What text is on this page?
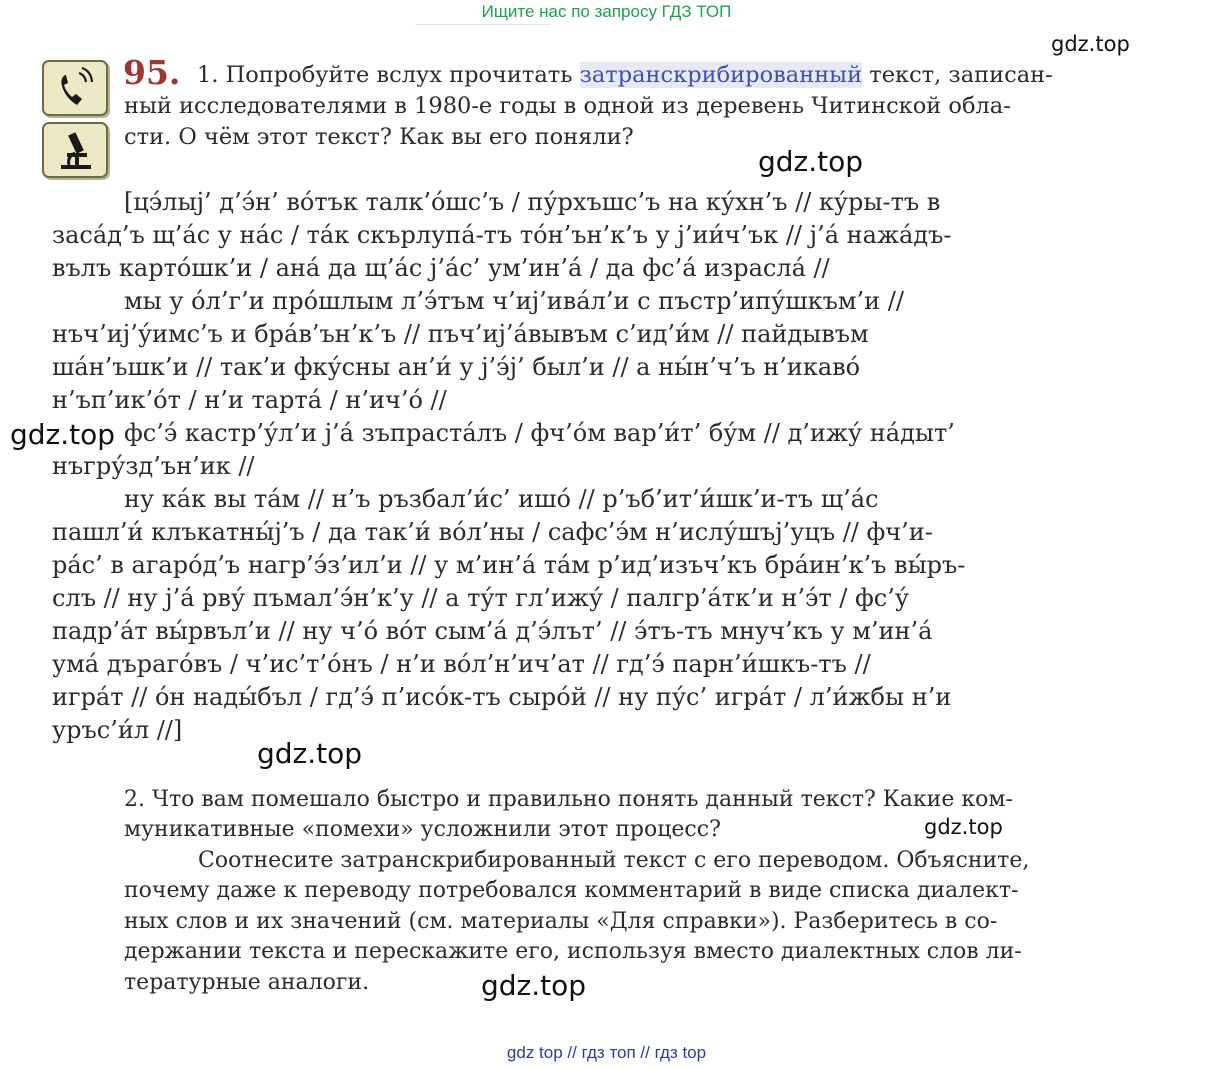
Ищите нас по запросу ГДЗ ТОП
95. 1. Попробуйте вслух прочитать затранскрибированный текст, записан-
ный исследователями в 1980-е годы в одной из деревень Читинской обла-
сти. О чём этот текст? Как вы его поняли?
[цэ́лыj’ д’э́н’ во́тък талк’о́шс’ъ / пу́рхъшс’ъ на ку́хн’ъ // ку́ры-тъ в
заса́д’ъ щ’а́с у на́с / та́к скърлупа́-тъ то́н’ън’к’ъ у j’ии́ч’ък // j’а́ нажа́дъ-
вълъ карто́шк’и / ана́ да щ’а́с j’а́с’ ум’ин’а́ / да фс’а́ израсла́ //
мы у о́л’г’и про́шлым л’э́тъм ч’иj’ива́л’и с пъстр’ипу́шкъм’и //
нъч’иj’у́имс’ъ и бра́в’ън’к’ъ // пъч’иj’а́вывъм с’ид’и́м // пайдывъм
ша́н’ъшк’и // так’и фку́сны ан’и́ у j’э́j’ был’и // а ны́н’ч’ъ н’икаво́
н’ъп’ик’о́т / н’и тарта́ / н’ич’о́ //
фс’э́ кастр’у́л’и j’а́ зъпраста́лъ / фч’о́м вар’и́т’ бу́м // д’ижу́ на́дыт’
нъгру́зд’ън’ик //
ну ка́к вы та́м // н’ъ ръзбал’и́с’ ишо́ // р’ъб’ит’и́шк’и-тъ щ’а́с
пашл’и́ клъкатны́j’ъ / да так’и́ во́л’ны / сафс’э́м н’ислу́шъj’уцъ // фч’и-
ра́с’ в агаро́д’ъ нагр’э́з’ил’и // у м’ин’а́ та́м р’ид’изъч’къ бра́ин’к’ъ вы́ръ-
слъ // ну j’а́ рву́ пъмал’э́н’к’у // а ту́т гл’ижу́ / палгр’а́тк’и н’э́т / фс’у́
падр’а́т вы́рвъл’и // ну ч’о́ во́т сым’а́ д’э́лът’ // э́тъ-тъ мнуч’къ у м’ин’а́
ума́ дърагóвъ / ч’ис’т’о́нъ / н’и во́л’н’ич’ат // гд’э́ парн’и́шкъ-тъ //
игра́т // о́н нады́бъл / гд’э́ п’исо́к-тъ сыро́й // ну пу́с’ игра́т / л’и́жбы н’и
уръс’и́л //]
2. Что вам помешало быстро и правильно понять данный текст? Какие ком-
муникативные «помехи» усложнили этот процесс?
Соотнесите затранскрибированный текст с его переводом. Объясните,
почему даже к переводу потребовался комментарий в виде списка диалект-
ных слов и их значений (см. материалы «Для справки»). Разберитесь в со-
держании текста и перескажите его, используя вместо диалектных слов ли-
тературные аналоги.
gdz.top
gdz.top
gdz.top
gdz.top
gdz.top
gdz.top
gdz top // гдз топ // гдз top
